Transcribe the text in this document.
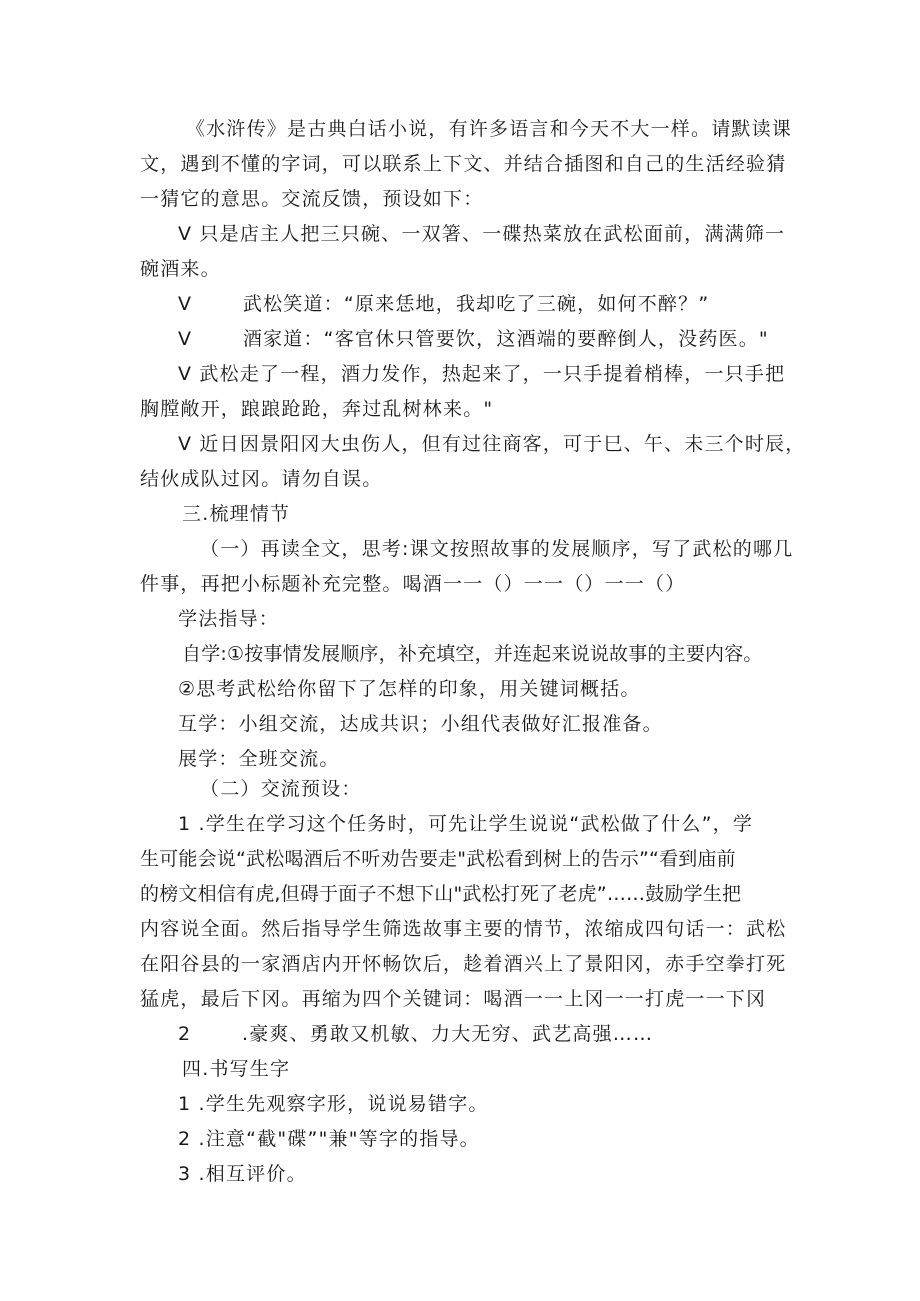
《水浒传》是古典白话小说，有许多语言和今天不大一样。请默读课
文，遇到不懂的字词，可以联系上下文、并结合插图和自己的生活经验猜
一猜它的意思。交流反馈，预设如下：
V 只是店主人把三只碗、一双箸、一碟热菜放在武松面前，满满筛一
碗酒来。
V       武松笑道：“原来恁地，我却吃了三碗，如何不醉？”
V       酒家道：“客官休只管要饮，这酒端的要醉倒人，没药医。"
V 武松走了一程，酒力发作，热起来了，一只手提着梢棒，一只手把
胸膛敞开，踉踉跄跄，奔过乱树林来。"
V 近日因景阳冈大虫伤人，但有过往商客，可于巳、午、未三个时辰，
结伙成队过冈。请勿自误。
三.梳理情节
（一）再读全文，思考:课文按照故事的发展顺序，写了武松的哪几
件事，再把小标题补充完整。喝酒一一（）一一（）一一（）
学法指导：
自学:①按事情发展顺序，补充填空，并连起来说说故事的主要内容。
②思考武松给你留下了怎样的印象，用关键词概括。
互学：小组交流，达成共识；小组代表做好汇报准备。
展学：全班交流。
（二）交流预设：
1 .学生在学习这个任务时，可先让学生说说“武松做了什么”，学
生可能会说“武松喝酒后不听劝告要走"武松看到树上的告示”“看到庙前
的榜文相信有虎,但碍于面子不想下山"武松打死了老虎”……鼓励学生把
内容说全面。然后指导学生筛选故事主要的情节，浓缩成四句话一：武松
在阳谷县的一家酒店内开怀畅饮后，趁着酒兴上了景阳冈，赤手空拳打死
猛虎，最后下冈。再缩为四个关键词：喝酒一一上冈一一打虎一一下冈
2       .豪爽、勇敢又机敏、力大无穷、武艺高强……
四.书写生字
1 .学生先观察字形，说说易错字。
2 .注意“截"碟”"兼"等字的指导。
3 .相互评价。
